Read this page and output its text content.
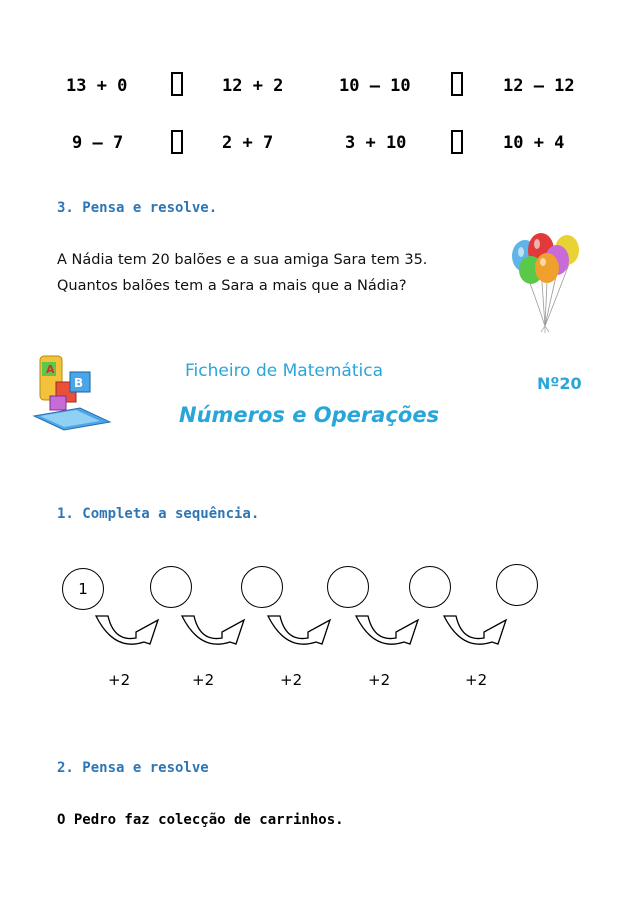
13 + 0	12 + 2	10 – 10	12 – 12
9 – 7	2 + 7	3 + 10	10 + 4
3. Pensa e resolve.
A Nádia tem 20 balões e a sua amiga Sara tem 35.
Quantos balões tem a Sara a mais que a Nádia?
A
B
Ficheiro de Matemática
Números e Operações
Nº20
1. Completa a sequência.
1
+2	+2	+2	+2	+2
2. Pensa e resolve
O Pedro faz colecção de carrinhos.
